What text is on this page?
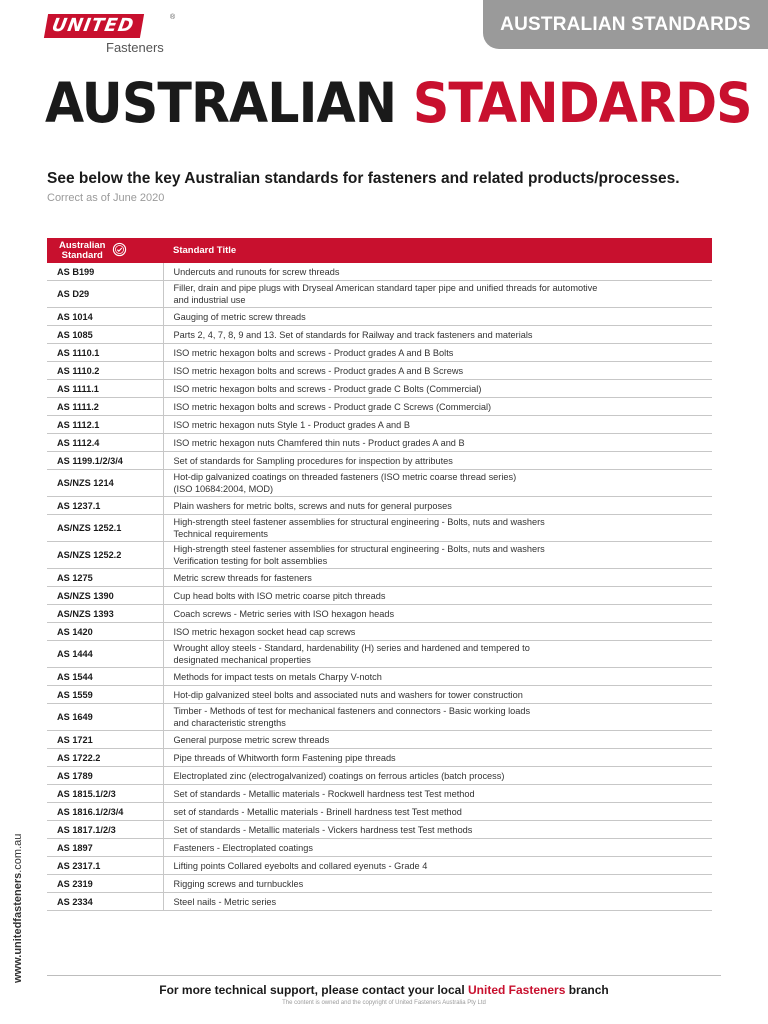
UNITED	®
Fasteners
AUSTRALIAN STANDARDS
AUSTRALIAN STANDARDS

See below the key Australian standards for fasteners and related products/processes.

Correct as of June 2020

Australian
Standard	Standard Title
AS B199	Undercuts and runouts for screw threads
AS D29	Filler, drain and pipe plugs with Dryseal American standard taper pipe and unified threads for automotive
and industrial use
AS 1014	Gauging of metric screw threads
AS 1085	Parts 2, 4, 7, 8, 9 and 13. Set of standards for Railway and track fasteners and materials
AS 1110.1	ISO metric hexagon bolts and screws - Product grades A and B Bolts
AS 1110.2	ISO metric hexagon bolts and screws - Product grades A and B Screws
AS 1111.1	ISO metric hexagon bolts and screws - Product grade C Bolts (Commercial)
AS 1111.2	ISO metric hexagon bolts and screws - Product grade C Screws (Commercial)
AS 1112.1	ISO metric hexagon nuts Style 1 - Product grades A and B
AS 1112.4	ISO metric hexagon nuts Chamfered thin nuts - Product grades A and B
AS 1199.1/2/3/4	Set of standards for Sampling procedures for inspection by attributes
AS/NZS 1214	Hot-dip galvanized coatings on threaded fasteners (ISO metric coarse thread series)
(ISO 10684:2004, MOD)
AS 1237.1	Plain washers for metric bolts, screws and nuts for general purposes
AS/NZS 1252.1	High-strength steel fastener assemblies for structural engineering - Bolts, nuts and washers
Technical requirements
AS/NZS 1252.2	High-strength steel fastener assemblies for structural engineering - Bolts, nuts and washers
Verification testing for bolt assemblies
AS 1275	Metric screw threads for fasteners
AS/NZS 1390	Cup head bolts with ISO metric coarse pitch threads
AS/NZS 1393	Coach screws - Metric series with ISO hexagon heads
AS 1420	ISO metric hexagon socket head cap screws
AS 1444	Wrought alloy steels - Standard, hardenability (H) series and hardened and tempered to
designated mechanical properties
AS 1544	Methods for impact tests on metals Charpy V-notch
AS 1559	Hot-dip galvanized steel bolts and associated nuts and washers for tower construction
AS 1649	Timber - Methods of test for mechanical fasteners and connectors - Basic working loads
and characteristic strengths
AS 1721	General purpose metric screw threads
AS 1722.2	Pipe threads of Whitworth form Fastening pipe threads
AS 1789	Electroplated zinc (electrogalvanized) coatings on ferrous articles (batch process)
AS 1815.1/2/3	Set of standards - Metallic materials - Rockwell hardness test Test method
AS 1816.1/2/3/4	set of standards - Metallic materials - Brinell hardness test Test method
AS 1817.1/2/3	Set of standards - Metallic materials - Vickers hardness test Test methods
AS 1897	Fasteners - Electroplated coatings
AS 2317.1	Lifting points Collared eyebolts and collared eyenuts - Grade 4
AS 2319	Rigging screws and turnbuckles
AS 2334	Steel nails - Metric series
www.unitedfasteners.com.au
For more technical support, please contact your local United Fasteners branch
The content is owned and the copyright of United Fasteners Australia Pty Ltd
